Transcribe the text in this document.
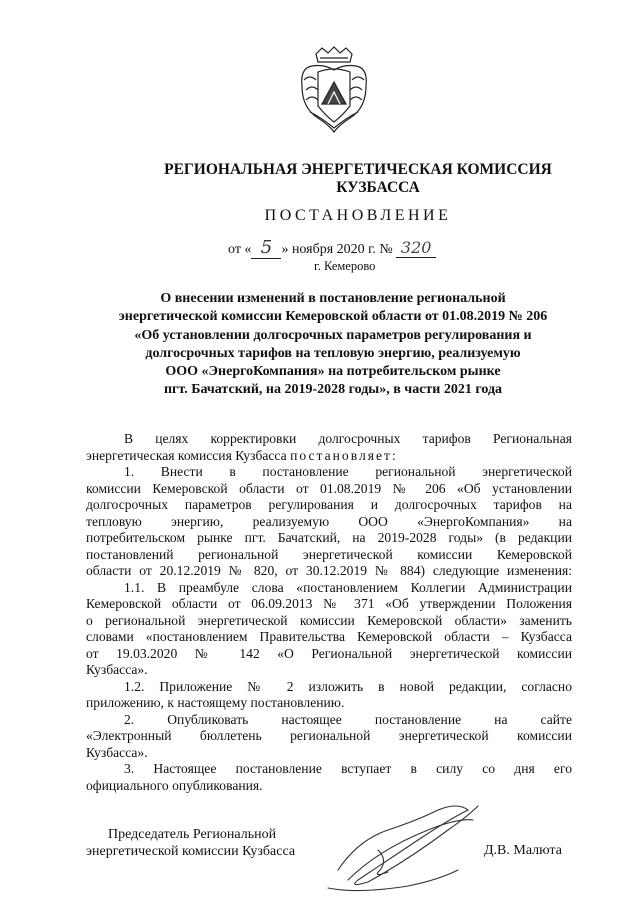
РЕГИОНАЛЬНАЯ ЭНЕРГЕТИЧЕСКАЯ КОМИССИЯ
КУЗБАССА
ПОСТАНОВЛЕНИЕ
от « 5 » ноября 2020 г. № 320
г. Кемерово
О внесении изменений в постановление региональной
энергетической комиссии Кемеровской области от 01.08.2019 № 206
«Об установлении долгосрочных параметров регулирования и
долгосрочных тарифов на тепловую энергию, реализуемую
ООО «ЭнергоКомпания» на потребительском рынке
пгт. Бачатский, на 2019-2028 годы», в части 2021 года
В целях корректировки долгосрочных тарифов Региональная
энергетическая комиссия Кузбасса постановляет:
1. Внести в постановление региональной энергетической
комиссии Кемеровской области от 01.08.2019 № 206 «Об установлении
долгосрочных параметров регулирования и долгосрочных тарифов на
тепловую энергию, реализуемую ООО «ЭнергоКомпания» на
потребительском рынке пгт. Бачатский, на 2019-2028 годы» (в редакции
постановлений региональной энергетической комиссии Кемеровской
области от 20.12.2019 № 820, от 30.12.2019 № 884) следующие изменения:
1.1. В преамбуле слова «постановлением Коллегии Администрации
Кемеровской области от 06.09.2013 № 371 «Об утверждении Положения
о региональной энергетической комиссии Кемеровской области» заменить
словами «постановлением Правительства Кемеровской области – Кузбасса
от 19.03.2020 № 142 «О Региональной энергетической комиссии
Кузбасса».
1.2. Приложение № 2 изложить в новой редакции, согласно
приложению, к настоящему постановлению.
2. Опубликовать настоящее постановление на сайте
«Электронный бюллетень региональной энергетической комиссии
Кузбасса».
3. Настоящее постановление вступает в силу со дня его
официального опубликования.
Председатель Региональной
энергетической комиссии Кузбасса	Д.В. Малюта
